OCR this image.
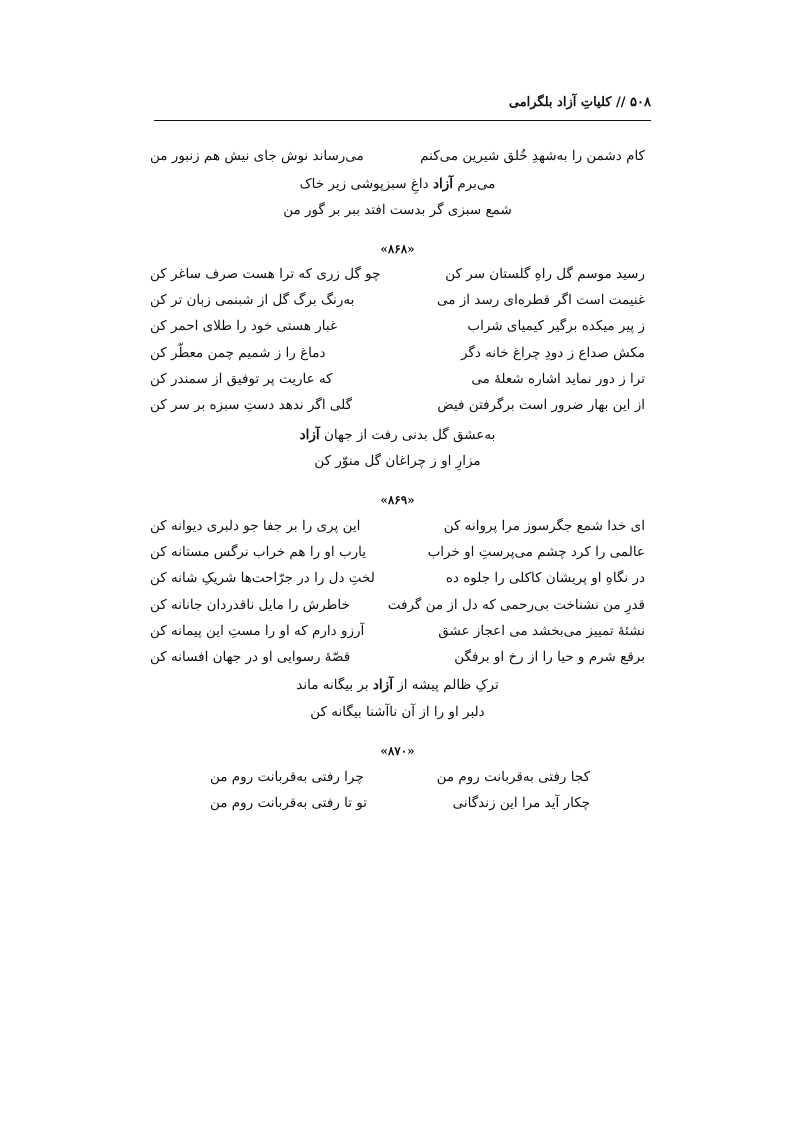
۵۰۸ // کلیاتِ آزاد بلگرامی
کام دشمن را به‌شهدِ خُلق شیرین می‌کنم
می‌رساند نوش جای نیش هم زنبور من
می‌برم آزاد داغِ سبزپوشی زیر خاک
شمع سبزی گر بدست افتد ببر بر گور من
«۸۶۸»
رسید موسم گل راهِ گلستان سر کن
چو گل زری که ترا هست صرف ساغر کن
غنیمت است اگر قطره‌ای رسد از می
به‌رنگ برگ گل از شبنمی زبان تر کن
ز پیر میکده برگیر کیمیای شراب
غبار هستی خود را طلای احمر کن
مکش صداع ز دودِ چراغ خانه دگر
دماغ را ز شمیم چمن معطّر کن
ترا ز دور نماید اشاره شعلهٔ می
که عاریت پر توفیق از سمندر کن
از این بهار ضرور است برگرفتن فیض
گلی اگر ندهد دستِ سبزه بر سر کن
به‌عشق گل بدنی رفت از جهان آزاد
مزارِ او ز چراغان گل منوّر کن
«۸۶۹»
ای خدا شمع جگرسوز مرا پروانه کن
این پری را بر جفا جو دلبری دیوانه کن
عالمی را کرد چشم می‌پرستِ او خراب
یارب او را هم خراب نرگس مستانه کن
در نگاهِ او پریشان کاکلی را جلوه ده
لختِ دل را در جرّاحت‌ها شریکِ شانه کن
قدرِ من نشناخت بی‌رحمی که دل از من گرفت
خاطرش را مایل ناقدردان جانانه کن
نشئهٔ تمییز می‌بخشد می اعجاز عشق
آرزو دارم که او را مستِ این پیمانه کن
برقع شرم و حیا را از رخ او برفگن
قصّهٔ رسوایی او در جهان افسانه کن
ترکِ ظالم پیشه از آزاد بر بیگانه ماند
دلبر او را از آن ناآشنا بیگانه کن
«۸۷۰»
کجا رفتی به‌قربانت روم من
چرا رفتی به‌قربانت روم من
چکار آید مرا این زندگانی
تو تا رفتی به‌قربانت روم من
